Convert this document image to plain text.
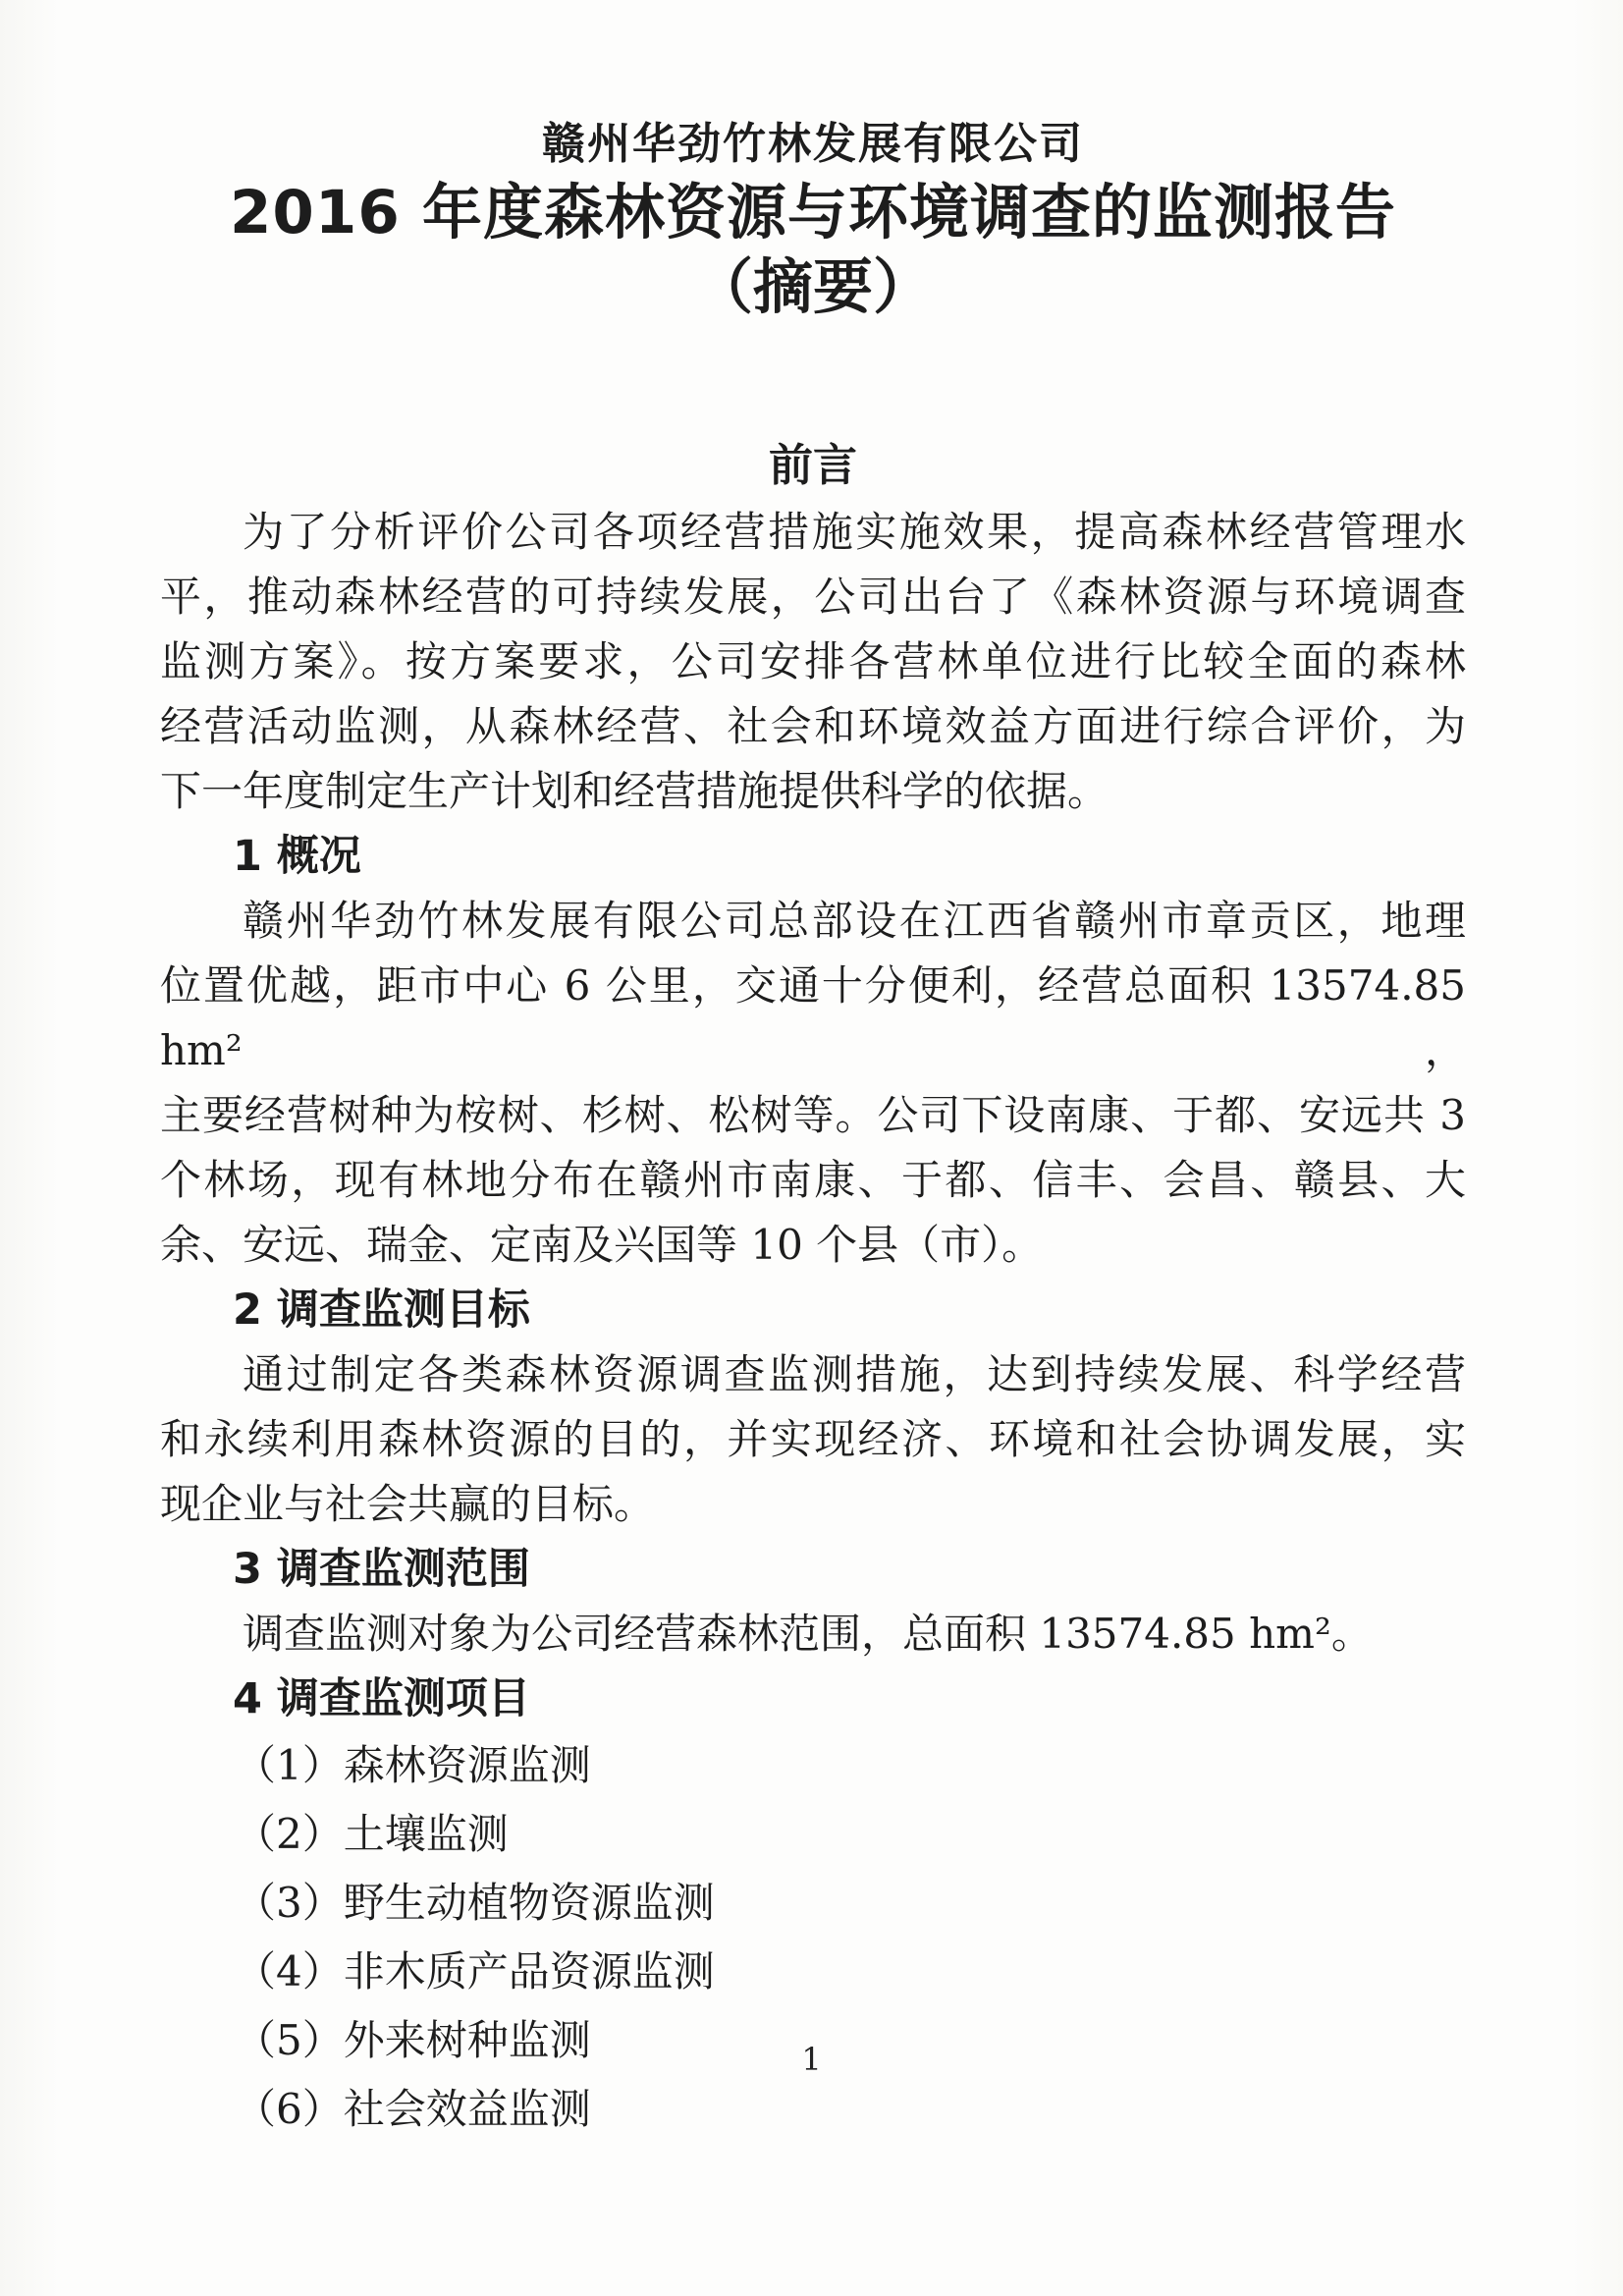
赣州华劲竹林发展有限公司
2016 年度森林资源与环境调查的监测报告
（摘要）
前言

为了分析评价公司各项经营措施实施效果，提高森林经营管理水

平，推动森林经营的可持续发展，公司出台了《森林资源与环境调查

监测方案》。按方案要求，公司安排各营林单位进行比较全面的森林

经营活动监测，从森林经营、社会和环境效益方面进行综合评价，为

下一年度制定生产计划和经营措施提供科学的依据。

1 概况

赣州华劲竹林发展有限公司总部设在江西省赣州市章贡区，地理

位置优越，距市中心 6 公里，交通十分便利，经营总面积 13574.85 hm²，

主要经营树种为桉树、杉树、松树等。公司下设南康、于都、安远共 3

个林场，现有林地分布在赣州市南康、于都、信丰、会昌、赣县、大

余、安远、瑞金、定南及兴国等 10 个县（市）。

2 调查监测目标

通过制定各类森林资源调查监测措施，达到持续发展、科学经营

和永续利用森林资源的目的，并实现经济、环境和社会协调发展，实

现企业与社会共赢的目标。

3 调查监测范围

调查监测对象为公司经营森林范围，总面积 13574.85 hm²。

4 调查监测项目

（1）森林资源监测

（2）土壤监测

（3）野生动植物资源监测

（4）非木质产品资源监测

（5）外来树种监测

（6）社会效益监测

1
